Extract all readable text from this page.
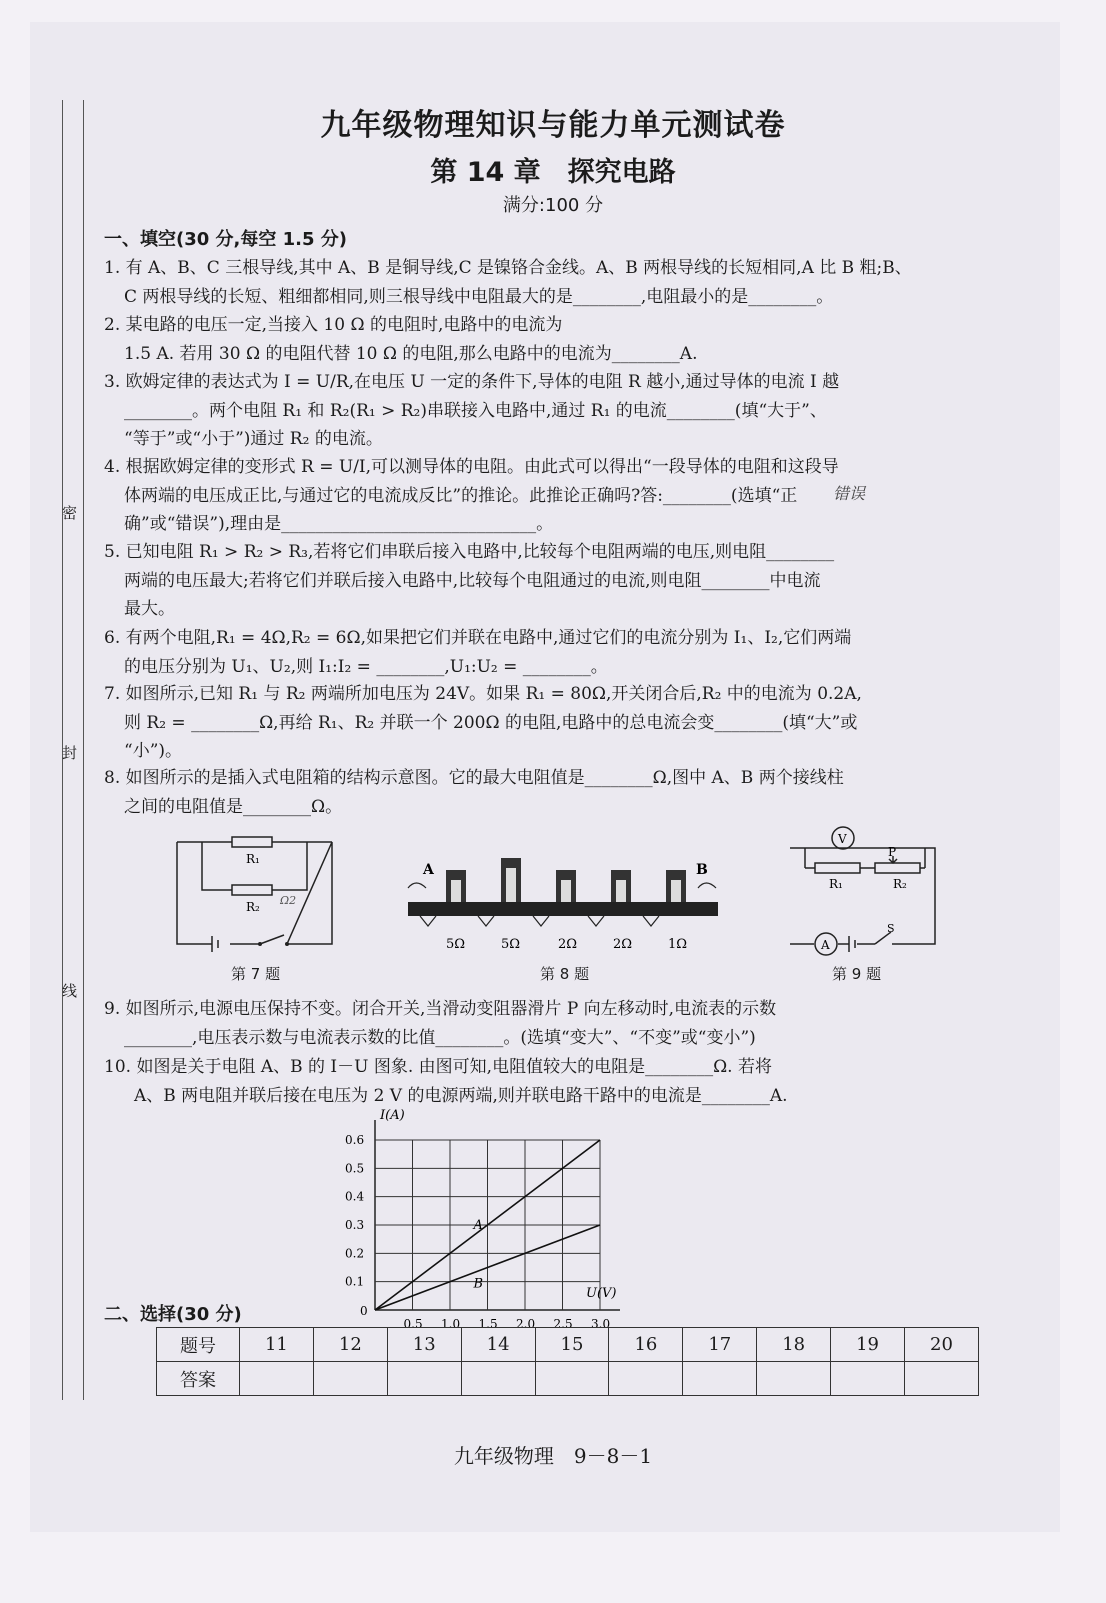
密
封
线
九年级物理知识与能力单元测试卷
第 14 章　探究电路
满分:100 分
一、填空(30 分,每空 1.5 分)
1. 有 A、B、C 三根导线,其中 A、B 是铜导线,C 是镍铬合金线。A、B 两根导线的长短相同,A 比 B 粗;B、
C 两根导线的长短、粗细都相同,则三根导线中电阻最大的是________,电阻最小的是________。
2. 某电路的电压一定,当接入 10 Ω 的电阻时,电路中的电流为
1.5 A. 若用 30 Ω 的电阻代替 10 Ω 的电阻,那么电路中的电流为________A.
3. 欧姆定律的表达式为 I = U/R,在电压 U 一定的条件下,导体的电阻 R 越小,通过导体的电流 I 越
________。两个电阻 R₁ 和 R₂(R₁ > R₂)串联接入电路中,通过 R₁ 的电流________(填“大于”、
“等于”或“小于”)通过 R₂ 的电流。
4. 根据欧姆定律的变形式 R = U/I,可以测导体的电阻。由此式可以得出“一段导体的电阻和这段导
体两端的电压成正比,与通过它的电流成反比”的推论。此推论正确吗?答:________(选填“正
确”或“错误”),理由是______________________________。
错误
5. 已知电阻 R₁ > R₂ > R₃,若将它们串联后接入电路中,比较每个电阻两端的电压,则电阻________
两端的电压最大;若将它们并联后接入电路中,比较每个电阻通过的电流,则电阻________中电流
最大。
6. 有两个电阻,R₁ = 4Ω,R₂ = 6Ω,如果把它们并联在电路中,通过它们的电流分别为 I₁、I₂,它们两端
的电压分别为 U₁、U₂,则 I₁:I₂ = ________,U₁:U₂ = ________。
7. 如图所示,已知 R₁ 与 R₂ 两端所加电压为 24V。如果 R₁ = 80Ω,开关闭合后,R₂ 中的电流为 0.2A,
则 R₂ = ________Ω,再给 R₁、R₂ 并联一个 200Ω 的电阻,电路中的总电流会变________(填“大”或
“小”)。
8. 如图所示的是插入式电阻箱的结构示意图。它的最大电阻值是________Ω,图中 A、B 两个接线柱
之间的电阻值是________Ω。
R₁
R₂ Ω2
第 7 题
A	B
5Ω	5Ω	2Ω	2Ω	1Ω
第 8 题
V
A
R₁	R₂
P
S
第 9 题
9. 如图所示,电源电压保持不变。闭合开关,当滑动变阻器滑片 P 向左移动时,电流表的示数
________,电压表示数与电流表示数的比值________。(选填“变大”、“不变”或“变小”)
10. 如图是关于电阻 A、B 的 I－U 图象. 由图可知,电阻值较大的电阻是________Ω. 若将
A、B 两电阻并联后接在电压为 2 V 的电源两端,则并联电路干路中的电流是________A.
A
B
0.5 1.0 1.5 2.0 2.5 3.0
0.1
0.2
0.3
0.4
0.5
0.6
I(A)
U(V)
0
二、选择(30 分)
题号	11	12	13	14	15	16	17	18	19	20
答案										
九年级物理　9－8－1
